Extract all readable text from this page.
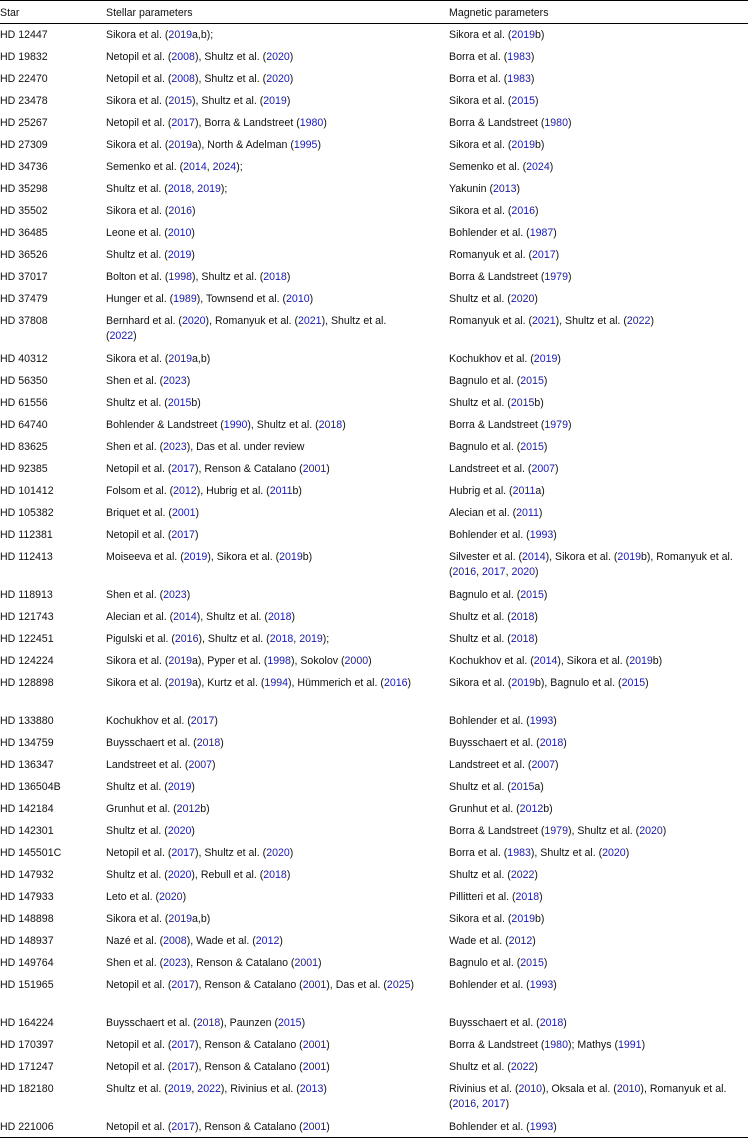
Star	Stellar parameters	Magnetic parameters
HD 12447	Sikora et al. (2019a,b);	Sikora et al. (2019b)
HD 19832	Netopil et al. (2008), Shultz et al. (2020)	Borra et al. (1983)
HD 22470	Netopil et al. (2008), Shultz et al. (2020)	Borra et al. (1983)
HD 23478	Sikora et al. (2015), Shultz et al. (2019)	Sikora et al. (2015)
HD 25267	Netopil et al. (2017), Borra & Landstreet (1980)	Borra & Landstreet (1980)
HD 27309	Sikora et al. (2019a), North & Adelman (1995)	Sikora et al. (2019b)
HD 34736	Semenko et al. (2014, 2024);	Semenko et al. (2024)
HD 35298	Shultz et al. (2018, 2019);	Yakunin (2013)
HD 35502	Sikora et al. (2016)	Sikora et al. (2016)
HD 36485	Leone et al. (2010)	Bohlender et al. (1987)
HD 36526	Shultz et al. (2019)	Romanyuk et al. (2017)
HD 37017	Bolton et al. (1998), Shultz et al. (2018)	Borra & Landstreet (1979)
HD 37479	Hunger et al. (1989), Townsend et al. (2010)	Shultz et al. (2020)
HD 37808	Bernhard et al. (2020), Romanyuk et al. (2021), Shultz et al. (2022)	Romanyuk et al. (2021), Shultz et al. (2022)
HD 40312	Sikora et al. (2019a,b)	Kochukhov et al. (2019)
HD 56350	Shen et al. (2023)	Bagnulo et al. (2015)
HD 61556	Shultz et al. (2015b)	Shultz et al. (2015b)
HD 64740	Bohlender & Landstreet (1990), Shultz et al. (2018)	Borra & Landstreet (1979)
HD 83625	Shen et al. (2023), Das et al. under review	Bagnulo et al. (2015)
HD 92385	Netopil et al. (2017), Renson & Catalano (2001)	Landstreet et al. (2007)
HD 101412	Folsom et al. (2012), Hubrig et al. (2011b)	Hubrig et al. (2011a)
HD 105382	Briquet et al. (2001)	Alecian et al. (2011)
HD 112381	Netopil et al. (2017)	Bohlender et al. (1993)
HD 112413	Moiseeva et al. (2019), Sikora et al. (2019b)	Silvester et al. (2014), Sikora et al. (2019b), Romanyuk et al. (2016, 2017, 2020)
HD 118913	Shen et al. (2023)	Bagnulo et al. (2015)
HD 121743	Alecian et al. (2014), Shultz et al. (2018)	Shultz et al. (2018)
HD 122451	Pigulski et al. (2016), Shultz et al. (2018, 2019);	Shultz et al. (2018)
HD 124224	Sikora et al. (2019a), Pyper et al. (1998), Sokolov (2000)	Kochukhov et al. (2014), Sikora et al. (2019b)
HD 128898	Sikora et al. (2019a), Kurtz et al. (1994), Hümmerich et al. (2016)	Sikora et al. (2019b), Bagnulo et al. (2015)
HD 133880	Kochukhov et al. (2017)	Bohlender et al. (1993)
HD 134759	Buysschaert et al. (2018)	Buysschaert et al. (2018)
HD 136347	Landstreet et al. (2007)	Landstreet et al. (2007)
HD 136504B	Shultz et al. (2019)	Shultz et al. (2015a)
HD 142184	Grunhut et al. (2012b)	Grunhut et al. (2012b)
HD 142301	Shultz et al. (2020)	Borra & Landstreet (1979), Shultz et al. (2020)
HD 145501C	Netopil et al. (2017), Shultz et al. (2020)	Borra et al. (1983), Shultz et al. (2020)
HD 147932	Shultz et al. (2020), Rebull et al. (2018)	Shultz et al. (2022)
HD 147933	Leto et al. (2020)	Pillitteri et al. (2018)
HD 148898	Sikora et al. (2019a,b)	Sikora et al. (2019b)
HD 148937	Nazé et al. (2008), Wade et al. (2012)	Wade et al. (2012)
HD 149764	Shen et al. (2023), Renson & Catalano (2001)	Bagnulo et al. (2015)
HD 151965	Netopil et al. (2017), Renson & Catalano (2001), Das et al. (2025)	Bohlender et al. (1993)
HD 164224	Buysschaert et al. (2018), Paunzen (2015)	Buysschaert et al. (2018)
HD 170397	Netopil et al. (2017), Renson & Catalano (2001)	Borra & Landstreet (1980); Mathys (1991)
HD 171247	Netopil et al. (2017), Renson & Catalano (2001)	Shultz et al. (2022)
HD 182180	Shultz et al. (2019, 2022), Rivinius et al. (2013)	Rivinius et al. (2010), Oksala et al. (2010), Romanyuk et al. (2016, 2017)
HD 221006	Netopil et al. (2017), Renson & Catalano (2001)	Bohlender et al. (1993)
